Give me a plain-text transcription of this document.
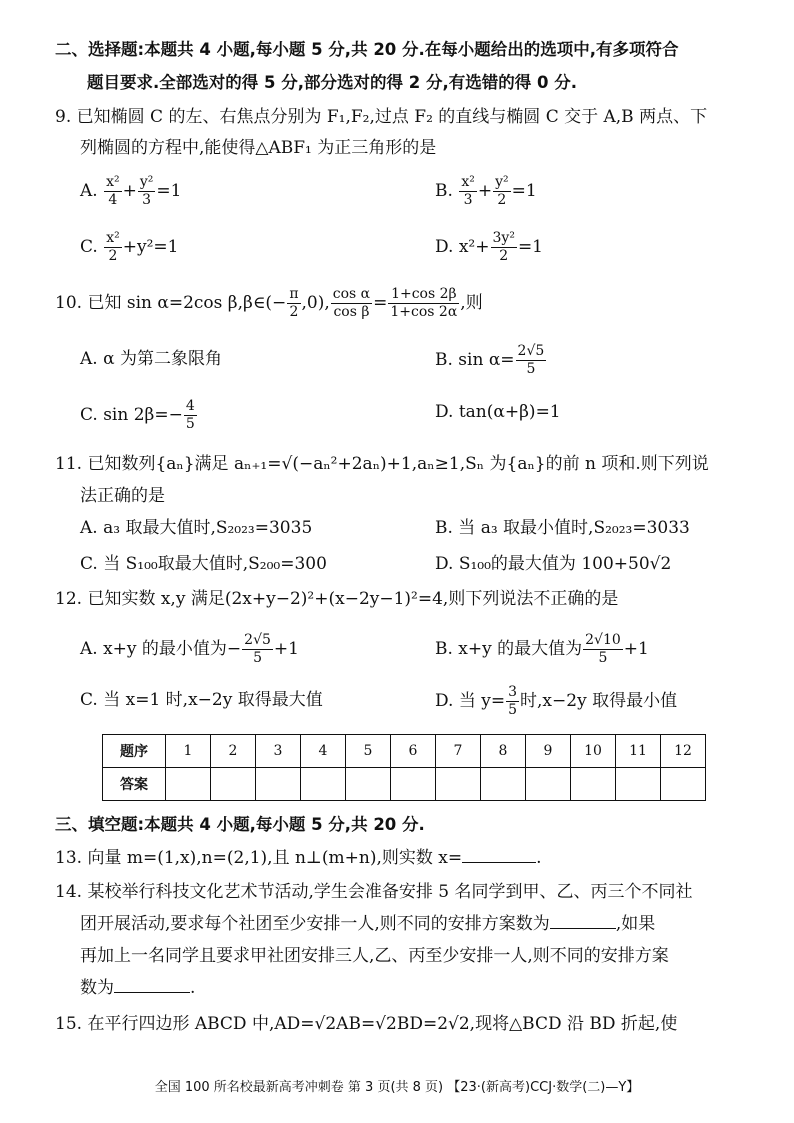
二、选择题:本题共 4 小题,每小题 5 分,共 20 分.在每小题给出的选项中,有多项符合
题目要求.全部选对的得 5 分,部分选对的得 2 分,有选错的得 0 分.
9. 已知椭圆 C 的左、右焦点分别为 F₁,F₂,过点 F₂ 的直线与椭圆 C 交于 A,B 两点、下
列椭圆的方程中,能使得△ABF₁ 为正三角形的是
A. $\frac{\text{x²}}{4} + \frac{\text{y²}}{3} =1$	B. $\frac{\text{x²}}{3} + \frac{\text{y²}}{2} =1$
C. $\frac{\text{x²}}{2} +y^2=1$	D. $x^2+ \frac{\text{3y²}}{2} =1$
10. 已知 sin α=2cos β,β∈(− $\frac{\pi}{2} ,0$), $\frac{\text{cos α}}{\text{cos β}} = \frac{1+\cos 2\beta}{1+\cos 2\alpha}$ ,则
A. α 为第二象限角	B. $\sin \alpha= \frac{2√5}{5}$
C. $\sin 2\beta=- \frac{4}{5}$	D. tan(α+β)=1
11. 已知数列{aₙ}满足 aₙ₊₁=√(−aₙ²+2aₙ)+1,aₙ≥1,Sₙ 为{aₙ}的前 n 项和.则下列说
法正确的是
A. a₃ 取最大值时,S₂₀₂₃=3035	B. 当 a₃ 取最小值时,S₂₀₂₃=3033
C. 当 S₁₀₀取最大值时,S₂₀₀=300	D. S₁₀₀的最大值为 100+50√2
12. 已知实数 x,y 满足(2x+y−2)²+(x−2y−1)²=4,则下列说法不正确的是
A. x+y 的最小值为− $\frac{2√5}{5} +1$	B. x+y 的最大值为 $\frac{2√10}{5} +1$
C. 当 x=1 时,x−2y 取得最大值	D. 当 $y= \frac{3}{5}$ 时,x−2y 取得最小值
题序	1	2	3	4	5	6	7	8	9	10	11	12
答案												
三、填空题:本题共 4 小题,每小题 5 分,共 20 分.
13. 向量 m=(1,x),n=(2,1),且 n⊥(m+n),则实数 x=	.
14. 某校举行科技文化艺术节活动,学生会准备安排 5 名同学到甲、乙、丙三个不同社
团开展活动,要求每个社团至少安排一人,则不同的安排方案数为	,如果
再加上一名同学且要求甲社团安排三人,乙、丙至少安排一人,则不同的安排方案
数为	.
15. 在平行四边形 ABCD 中,AD=√2AB=√2BD=2√2,现将△BCD 沿 BD 折起,使
全国 100 所名校最新高考冲刺卷 第 3 页(共 8 页) 【23·(新高考)CCJ·数学(二)—Y】
